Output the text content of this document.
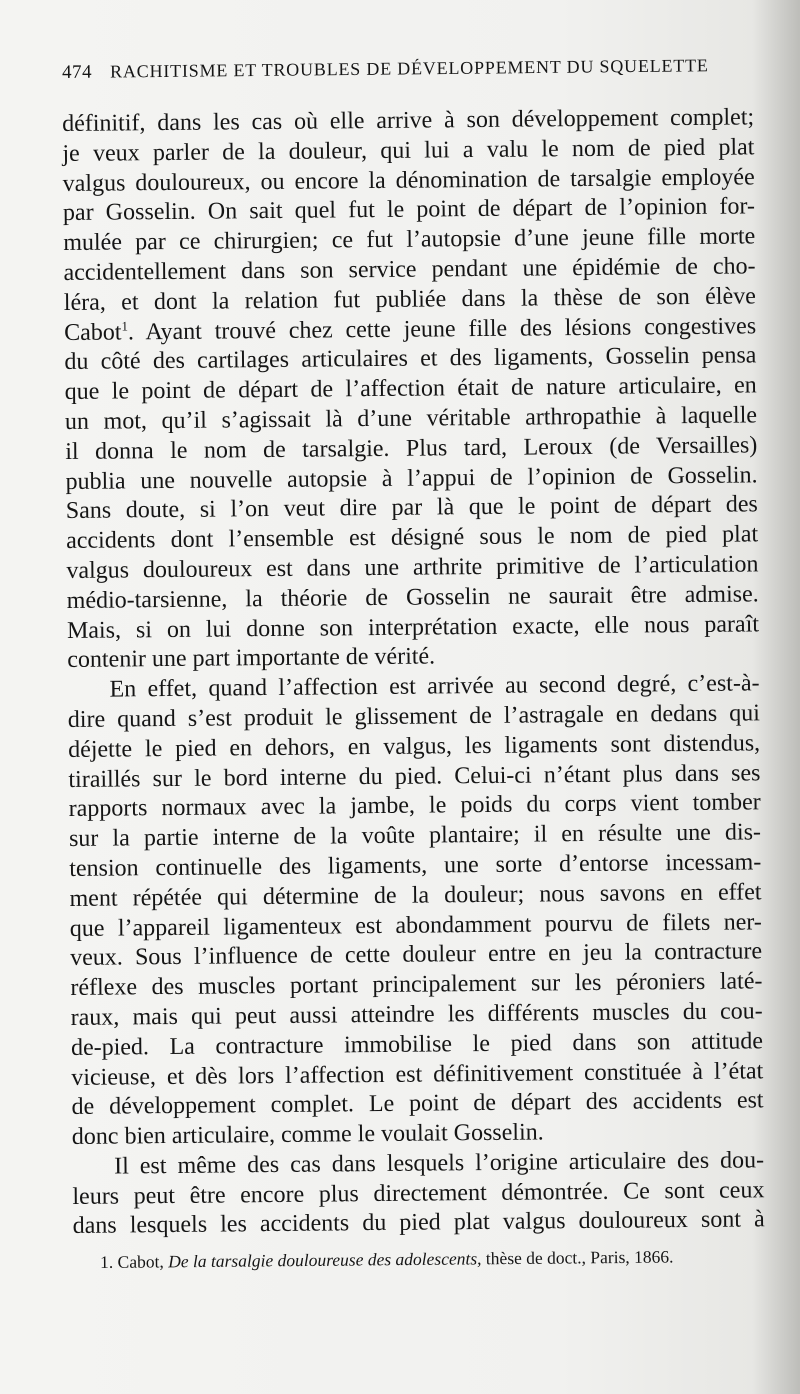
474 RACHITISME ET TROUBLES DE DÉVELOPPEMENT DU SQUELETTE
définitif, dans les cas où elle arrive à son développement complet;
je veux parler de la douleur, qui lui a valu le nom de pied plat
valgus douloureux, ou encore la dénomination de tarsalgie employée
par Gosselin. On sait quel fut le point de départ de l’opinion for-
mulée par ce chirurgien; ce fut l’autopsie d’une jeune fille morte
accidentellement dans son service pendant une épidémie de cho-
léra, et dont la relation fut publiée dans la thèse de son élève
Cabot$^1$. Ayant trouvé chez cette jeune fille des lésions congestives
du côté des cartilages articulaires et des ligaments, Gosselin pensa
que le point de départ de l’affection était de nature articulaire, en
un mot, qu’il s’agissait là d’une véritable arthropathie à laquelle
il donna le nom de tarsalgie. Plus tard, Leroux (de Versailles)
publia une nouvelle autopsie à l’appui de l’opinion de Gosselin.
Sans doute, si l’on veut dire par là que le point de départ des
accidents dont l’ensemble est désigné sous le nom de pied plat
valgus douloureux est dans une arthrite primitive de l’articulation
médio-tarsienne, la théorie de Gosselin ne saurait être admise.
Mais, si on lui donne son interprétation exacte, elle nous paraît
contenir une part importante de vérité.
En effet, quand l’affection est arrivée au second degré, c’est-à-
dire quand s’est produit le glissement de l’astragale en dedans qui
déjette le pied en dehors, en valgus, les ligaments sont distendus,
tiraillés sur le bord interne du pied. Celui-ci n’étant plus dans ses
rapports normaux avec la jambe, le poids du corps vient tomber
sur la partie interne de la voûte plantaire; il en résulte une dis-
tension continuelle des ligaments, une sorte d’entorse incessam-
ment répétée qui détermine de la douleur; nous savons en effet
que l’appareil ligamenteux est abondamment pourvu de filets ner-
veux. Sous l’influence de cette douleur entre en jeu la contracture
réflexe des muscles portant principalement sur les péroniers laté-
raux, mais qui peut aussi atteindre les différents muscles du cou-
de-pied. La contracture immobilise le pied dans son attitude
vicieuse, et dès lors l’affection est définitivement constituée à l’état
de développement complet. Le point de départ des accidents est
donc bien articulaire, comme le voulait Gosselin.
Il est même des cas dans lesquels l’origine articulaire des dou-
leurs peut être encore plus directement démontrée. Ce sont ceux
dans lesquels les accidents du pied plat valgus douloureux sont à
1. Cabot, De la tarsalgie douloureuse des adolescents, thèse de doct., Paris, 1866.
